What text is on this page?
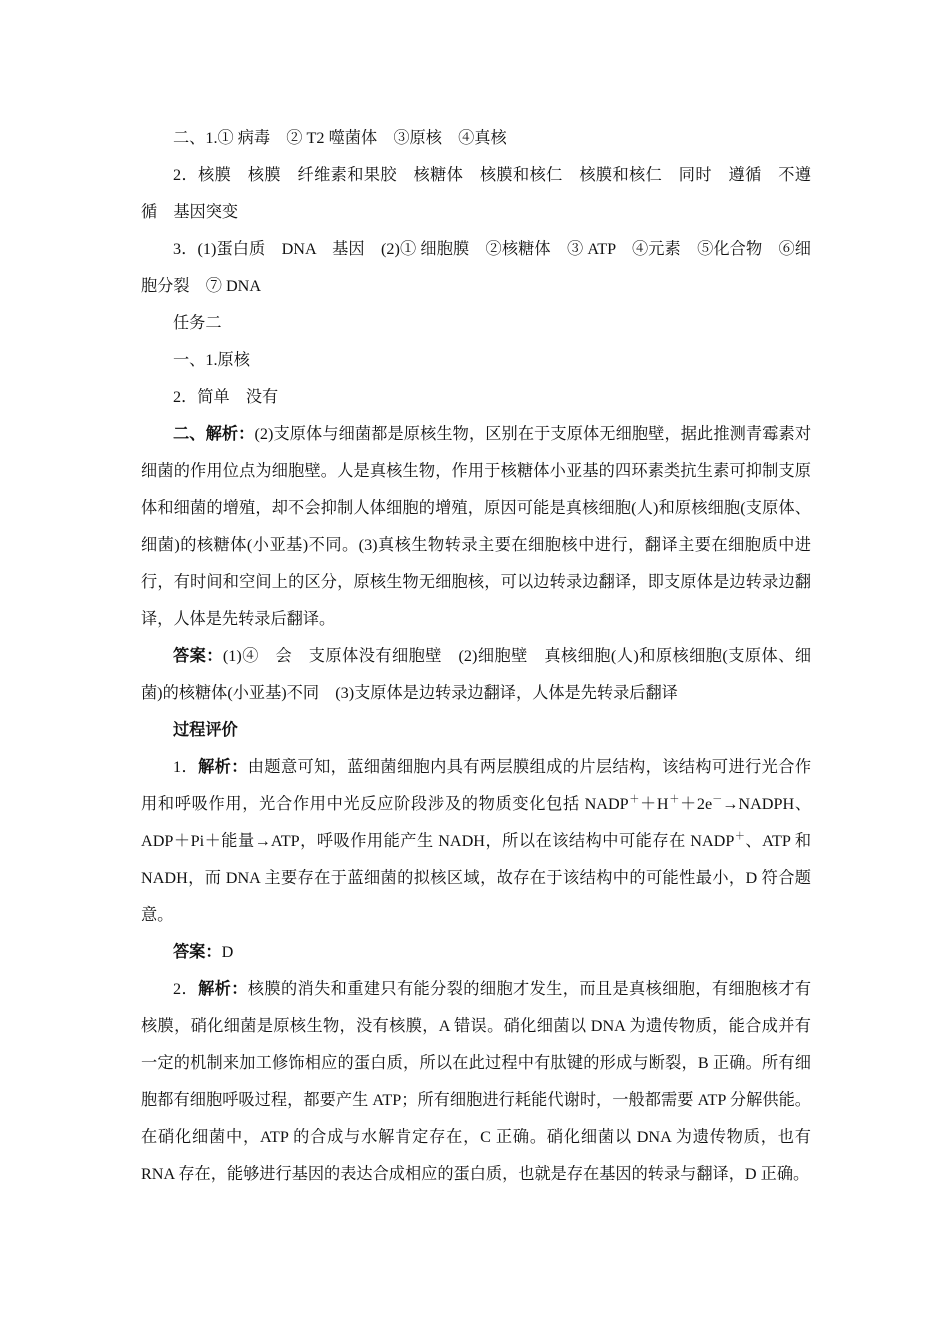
二、1.① 病毒　② T2 噬菌体　③原核　④真核

2．核膜　核膜　纤维素和果胶　核糖体　核膜和核仁　核膜和核仁　同时　遵循　不遵循　基因突变

3．(1)蛋白质　DNA　基因　(2)① 细胞膜　②核糖体　③ ATP　④元素　⑤化合物　⑥细胞分裂　⑦ DNA

任务二

一、1.原核

2．简单　没有

二、解析：(2)支原体与细菌都是原核生物，区别在于支原体无细胞壁，据此推测青霉素对细菌的作用位点为细胞壁。人是真核生物，作用于核糖体小亚基的四环素类抗生素可抑制支原体和细菌的增殖，却不会抑制人体细胞的增殖，原因可能是真核细胞(人)和原核细胞(支原体、细菌)的核糖体(小亚基)不同。(3)真核生物转录主要在细胞核中进行，翻译主要在细胞质中进行，有时间和空间上的区分，原核生物无细胞核，可以边转录边翻译，即支原体是边转录边翻译，人体是先转录后翻译。

答案：(1)④　会　支原体没有细胞壁　(2)细胞壁　真核细胞(人)和原核细胞(支原体、细菌)的核糖体(小亚基)不同　(3)支原体是边转录边翻译，人体是先转录后翻译

过程评价

1．解析：由题意可知，蓝细菌细胞内具有两层膜组成的片层结构，该结构可进行光合作用和呼吸作用，光合作用中光反应阶段涉及的物质变化包括 NADP＋＋H＋＋2e－→NADPH、ADP＋Pi＋能量→ATP，呼吸作用能产生 NADH，所以在该结构中可能存在 NADP＋、ATP 和 NADH，而 DNA 主要存在于蓝细菌的拟核区域，故存在于该结构中的可能性最小，D 符合题意。

答案：D

2．解析：核膜的消失和重建只有能分裂的细胞才发生，而且是真核细胞，有细胞核才有核膜，硝化细菌是原核生物，没有核膜，A 错误。硝化细菌以 DNA 为遗传物质，能合成并有一定的机制来加工修饰相应的蛋白质，所以在此过程中有肽键的形成与断裂，B 正确。所有细胞都有细胞呼吸过程，都要产生 ATP；所有细胞进行耗能代谢时，一般都需要 ATP 分解供能。在硝化细菌中，ATP 的合成与水解肯定存在，C 正确。硝化细菌以 DNA 为遗传物质，也有 RNA 存在，能够进行基因的表达合成相应的蛋白质，也就是存在基因的转录与翻译，D 正确。
